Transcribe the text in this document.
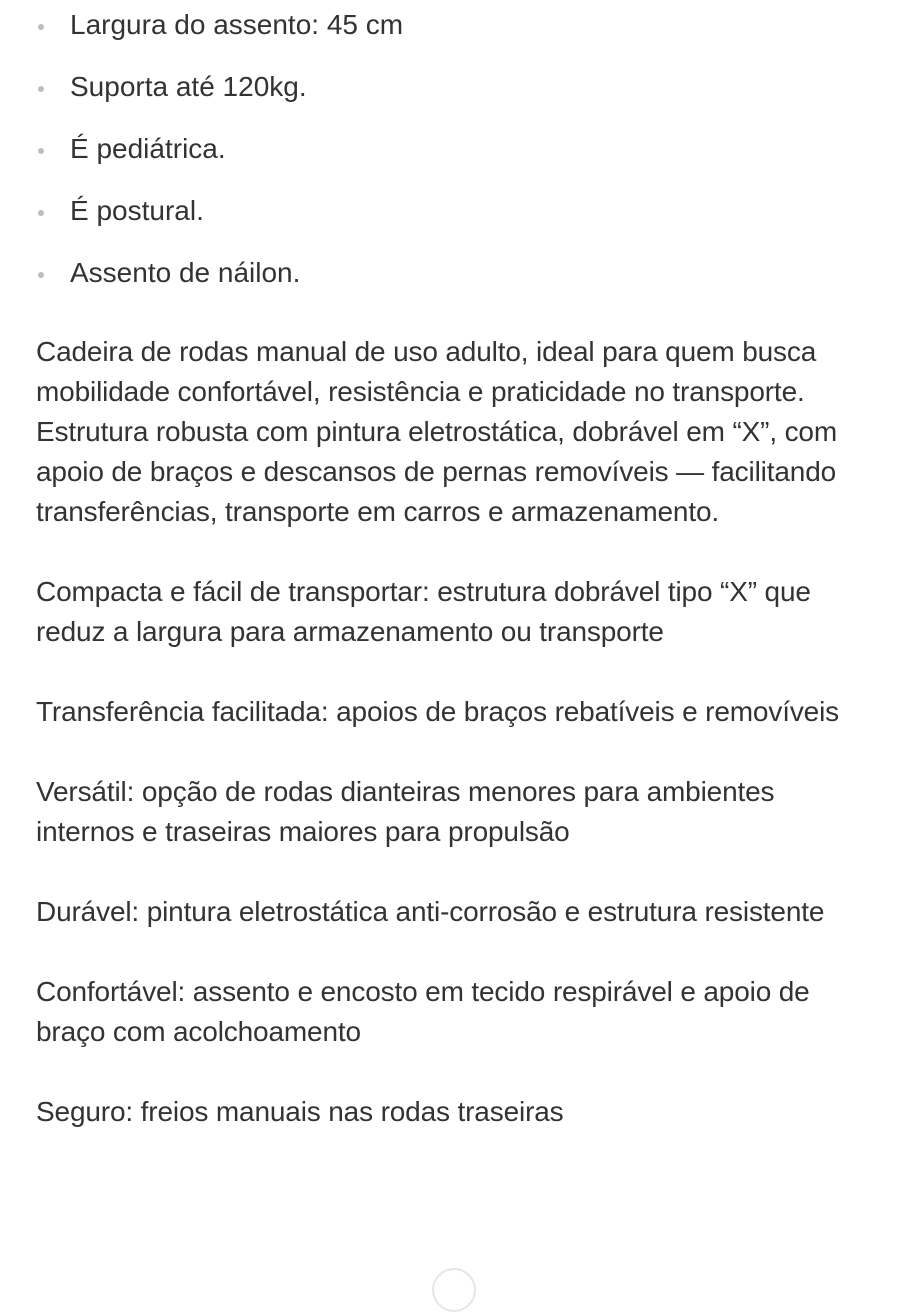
Largura do assento: 45 cm
Suporta até 120kg.
É pediátrica.
É postural.
Assento de náilon.

Cadeira de rodas manual de uso adulto, ideal para quem busca mobilidade confortável, resistência e praticidade no transporte. Estrutura robusta com pintura eletrostática, dobrável em “X”, com apoio de braços e descansos de pernas removíveis — facilitando transferências, transporte em carros e armazenamento.

Compacta e fácil de transportar: estrutura dobrável tipo “X” que reduz a largura para armazenamento ou transporte

Transferência facilitada: apoios de braços rebatíveis e removíveis

Versátil: opção de rodas dianteiras menores para ambientes internos e traseiras maiores para propulsão

Durável: pintura eletrostática anti-corrosão e estrutura resistente

Confortável: assento e encosto em tecido respirável e apoio de braço com acolchoamento

Seguro: freios manuais nas rodas traseiras
